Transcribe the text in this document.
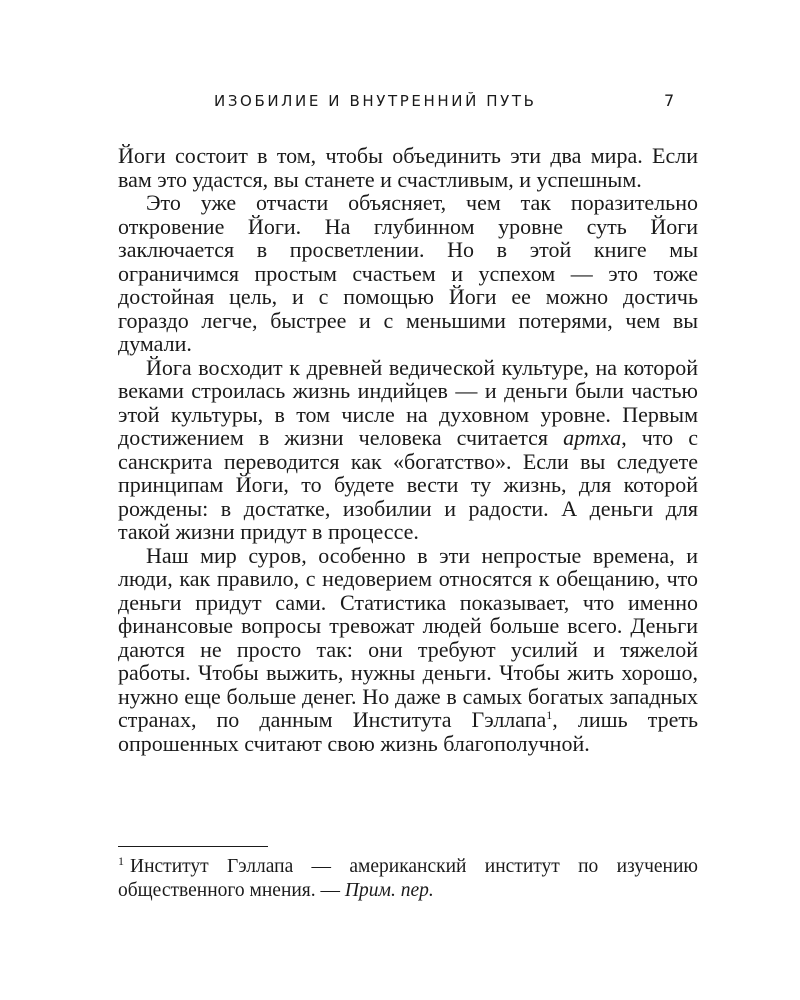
ИЗОБИЛИЕ И ВНУТРЕННИЙ ПУТЬ	7

Йоги состоит в том, чтобы объединить эти два мира. Если вам это удастся, вы станете и счастливым, и успешным.

Это уже отчасти объясняет, чем так поразительно откровение Йоги. На глубинном уровне суть Йоги заключается в просветлении. Но в этой книге мы ограничимся простым счастьем и успехом — это тоже достойная цель, и с помощью Йоги ее можно достичь гораздо легче, быстрее и с меньшими потерями, чем вы думали.

Йога восходит к древней ведической культуре, на которой веками строилась жизнь индийцев — и деньги были частью этой культуры, в том числе на духовном уровне. Первым достижением в жизни человека считается артха, что с санскрита переводится как «богатство». Если вы следуете принципам Йоги, то будете вести ту жизнь, для которой рождены: в достатке, изобилии и радости. А деньги для такой жизни придут в процессе.

Наш мир суров, особенно в эти непростые времена, и люди, как правило, с недоверием относятся к обещанию, что деньги придут сами. Статистика показывает, что именно финансовые вопросы тревожат людей больше всего. Деньги даются не просто так: они требуют усилий и тяжелой работы. Чтобы выжить, нужны деньги. Чтобы жить хорошо, нужно еще больше денег. Но даже в самых богатых западных странах, по данным Института Гэллапа$^1$, лишь треть опрошенных считают свою жизнь благополучной.

$^1$ Институт Гэллапа — американский институт по изучению общественного мнения. — Прим. пер.
